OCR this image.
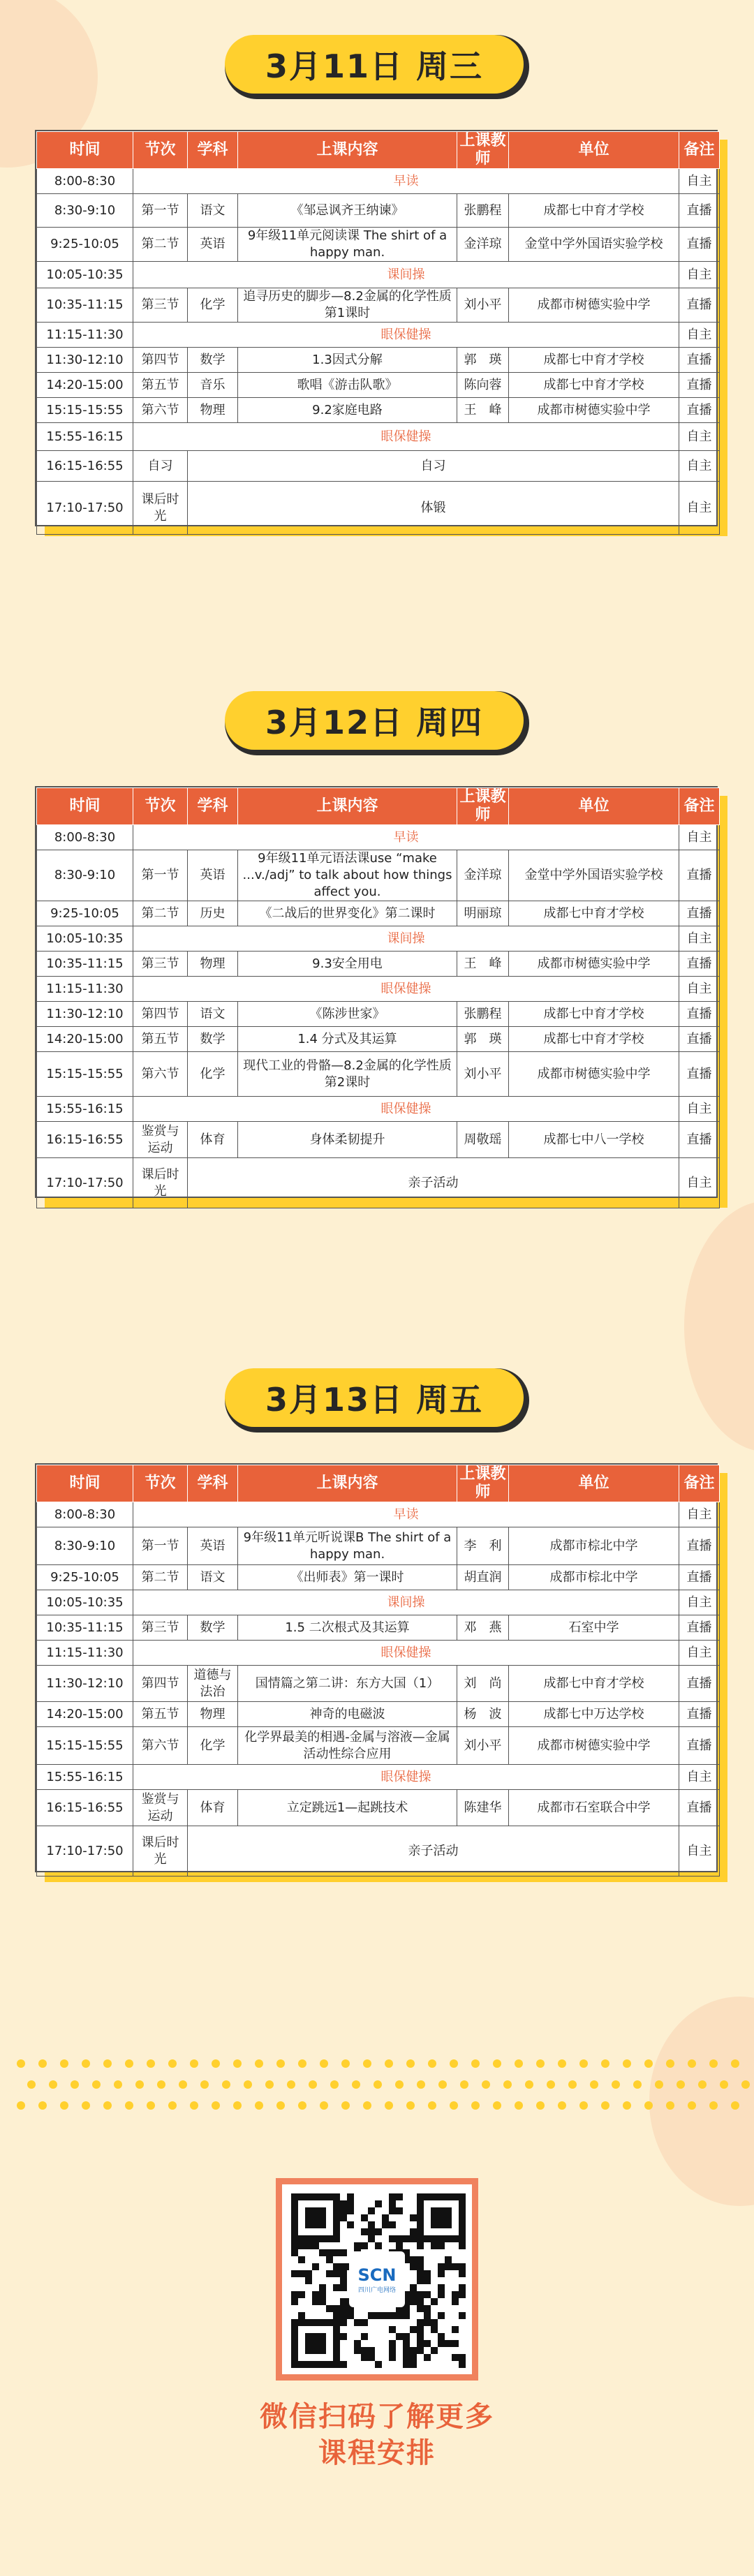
3月11日 周三
时间	节次	学科	上课内容	上课教师	单位	备注
8:00-8:30	早读					自主
8:30-9:10	第一节	语文	《邹忌讽齐王纳谏》	张鹏程	成都七中育才学校	直播
9:25-10:05	第二节	英语	9年级11单元阅读课 The shirt of a happy man.	金洋琼	金堂中学外国语实验学校	直播
10:05-10:35	课间操					自主
10:35-11:15	第三节	化学	追寻历史的脚步—8.2金属的化学性质第1课时	刘小平	成都市树德实验中学	直播
11:15-11:30	眼保健操					自主
11:30-12:10	第四节	数学	1.3因式分解	郭　瑛	成都七中育才学校	直播
14:20-15:00	第五节	音乐	歌唱《游击队歌》	陈向蓉	成都七中育才学校	直播
15:15-15:55	第六节	物理	9.2家庭电路	王　峰	成都市树德实验中学	直播
15:55-16:15	眼保健操					自主
16:15-16:55	自习	自习				自主
17:10-17:50	课后时光	体锻				自主
3月12日 周四
时间	节次	学科	上课内容	上课教师	单位	备注
8:00-8:30	早读					自主
8:30-9:10	第一节	英语	9年级11单元语法课use “make ...v./adj” to talk about how things affect you.	金洋琼	金堂中学外国语实验学校	直播
9:25-10:05	第二节	历史	《二战后的世界变化》第二课时	明丽琼	成都七中育才学校	直播
10:05-10:35	课间操					自主
10:35-11:15	第三节	物理	9.3安全用电	王　峰	成都市树德实验中学	直播
11:15-11:30	眼保健操					自主
11:30-12:10	第四节	语文	《陈涉世家》	张鹏程	成都七中育才学校	直播
14:20-15:00	第五节	数学	1.4 分式及其运算	郭　瑛	成都七中育才学校	直播
15:15-15:55	第六节	化学	现代工业的骨骼—8.2金属的化学性质第2课时	刘小平	成都市树德实验中学	直播
15:55-16:15	眼保健操					自主
16:15-16:55	鉴赏与运动	体育	身体柔韧提升	周敬瑶	成都七中八一学校	直播
17:10-17:50	课后时光	亲子活动				自主
3月13日 周五
时间	节次	学科	上课内容	上课教师	单位	备注
8:00-8:30	早读					自主
8:30-9:10	第一节	英语	9年级11单元听说课B The shirt of a happy man.	李　利	成都市棕北中学	直播
9:25-10:05	第二节	语文	《出师表》第一课时	胡直润	成都市棕北中学	直播
10:05-10:35	课间操					自主
10:35-11:15	第三节	数学	1.5 二次根式及其运算	邓　燕	石室中学	直播
11:15-11:30	眼保健操					自主
11:30-12:10	第四节	道德与法治	国情篇之第二讲：东方大国（1）	刘　尚	成都七中育才学校	直播
14:20-15:00	第五节	物理	神奇的电磁波	杨　波	成都七中万达学校	直播
15:15-15:55	第六节	化学	化学界最美的相遇-金属与溶液—金属活动性综合应用	刘小平	成都市树德实验中学	直播
15:55-16:15	眼保健操					自主
16:15-16:55	鉴赏与运动	体育	立定跳远1—起跳技术	陈建华	成都市石室联合中学	直播
17:10-17:50	课后时光	亲子活动				自主
SCN
四川广电网络
微信扫码了解更多
课程安排
